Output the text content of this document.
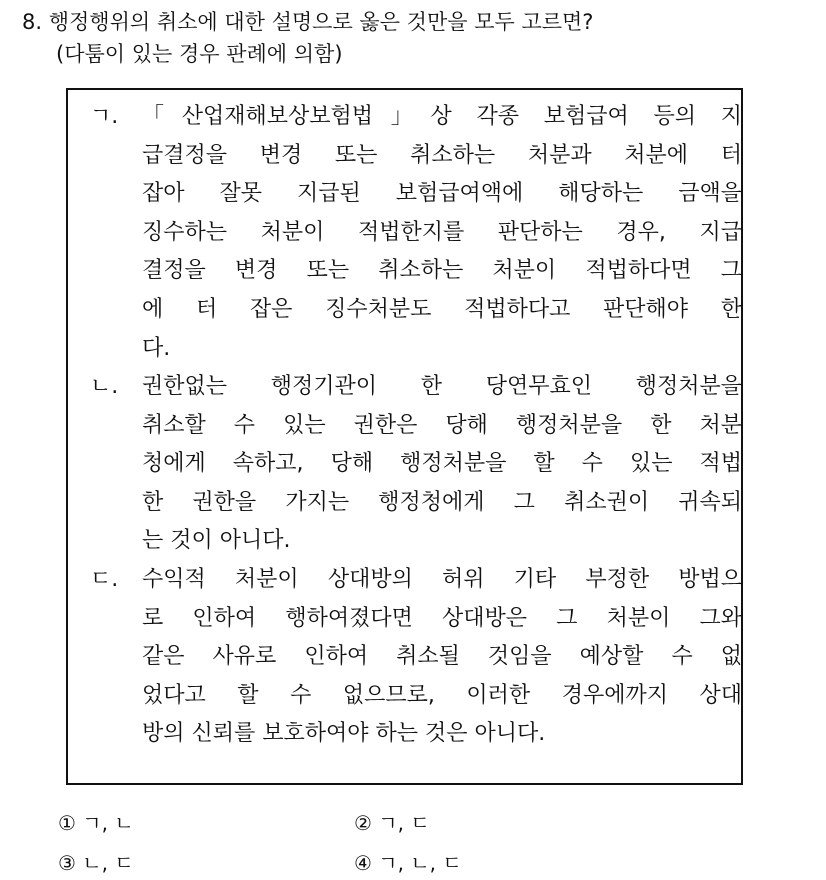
8. 행정행위의 취소에 대한 설명으로 옳은 것만을 모두 고르면?
(다툼이 있는 경우 판례에 의함)
ㄱ. 「산업재해보상보험법」상 각종 보험급여 등의 지
급결정을 변경 또는 취소하는 처분과 처분에 터
잡아 잘못 지급된 보험급여액에 해당하는 금액을
징수하는 처분이 적법한지를 판단하는 경우, 지급
결정을 변경 또는 취소하는 처분이 적법하다면 그
에 터 잡은 징수처분도 적법하다고 판단해야 한
다.
ㄴ. 권한없는 행정기관이 한 당연무효인 행정처분을
취소할 수 있는 권한은 당해 행정처분을 한 처분
청에게 속하고, 당해 행정처분을 할 수 있는 적법
한 권한을 가지는 행정청에게 그 취소권이 귀속되
는 것이 아니다.
ㄷ. 수익적 처분이 상대방의 허위 기타 부정한 방법으
로 인하여 행하여졌다면 상대방은 그 처분이 그와
같은 사유로 인하여 취소될 것임을 예상할 수 없
었다고 할 수 없으므로, 이러한 경우에까지 상대
방의 신뢰를 보호하여야 하는 것은 아니다.
① ㄱ, ㄴ	② ㄱ, ㄷ
③ ㄴ, ㄷ	④ ㄱ, ㄴ, ㄷ
